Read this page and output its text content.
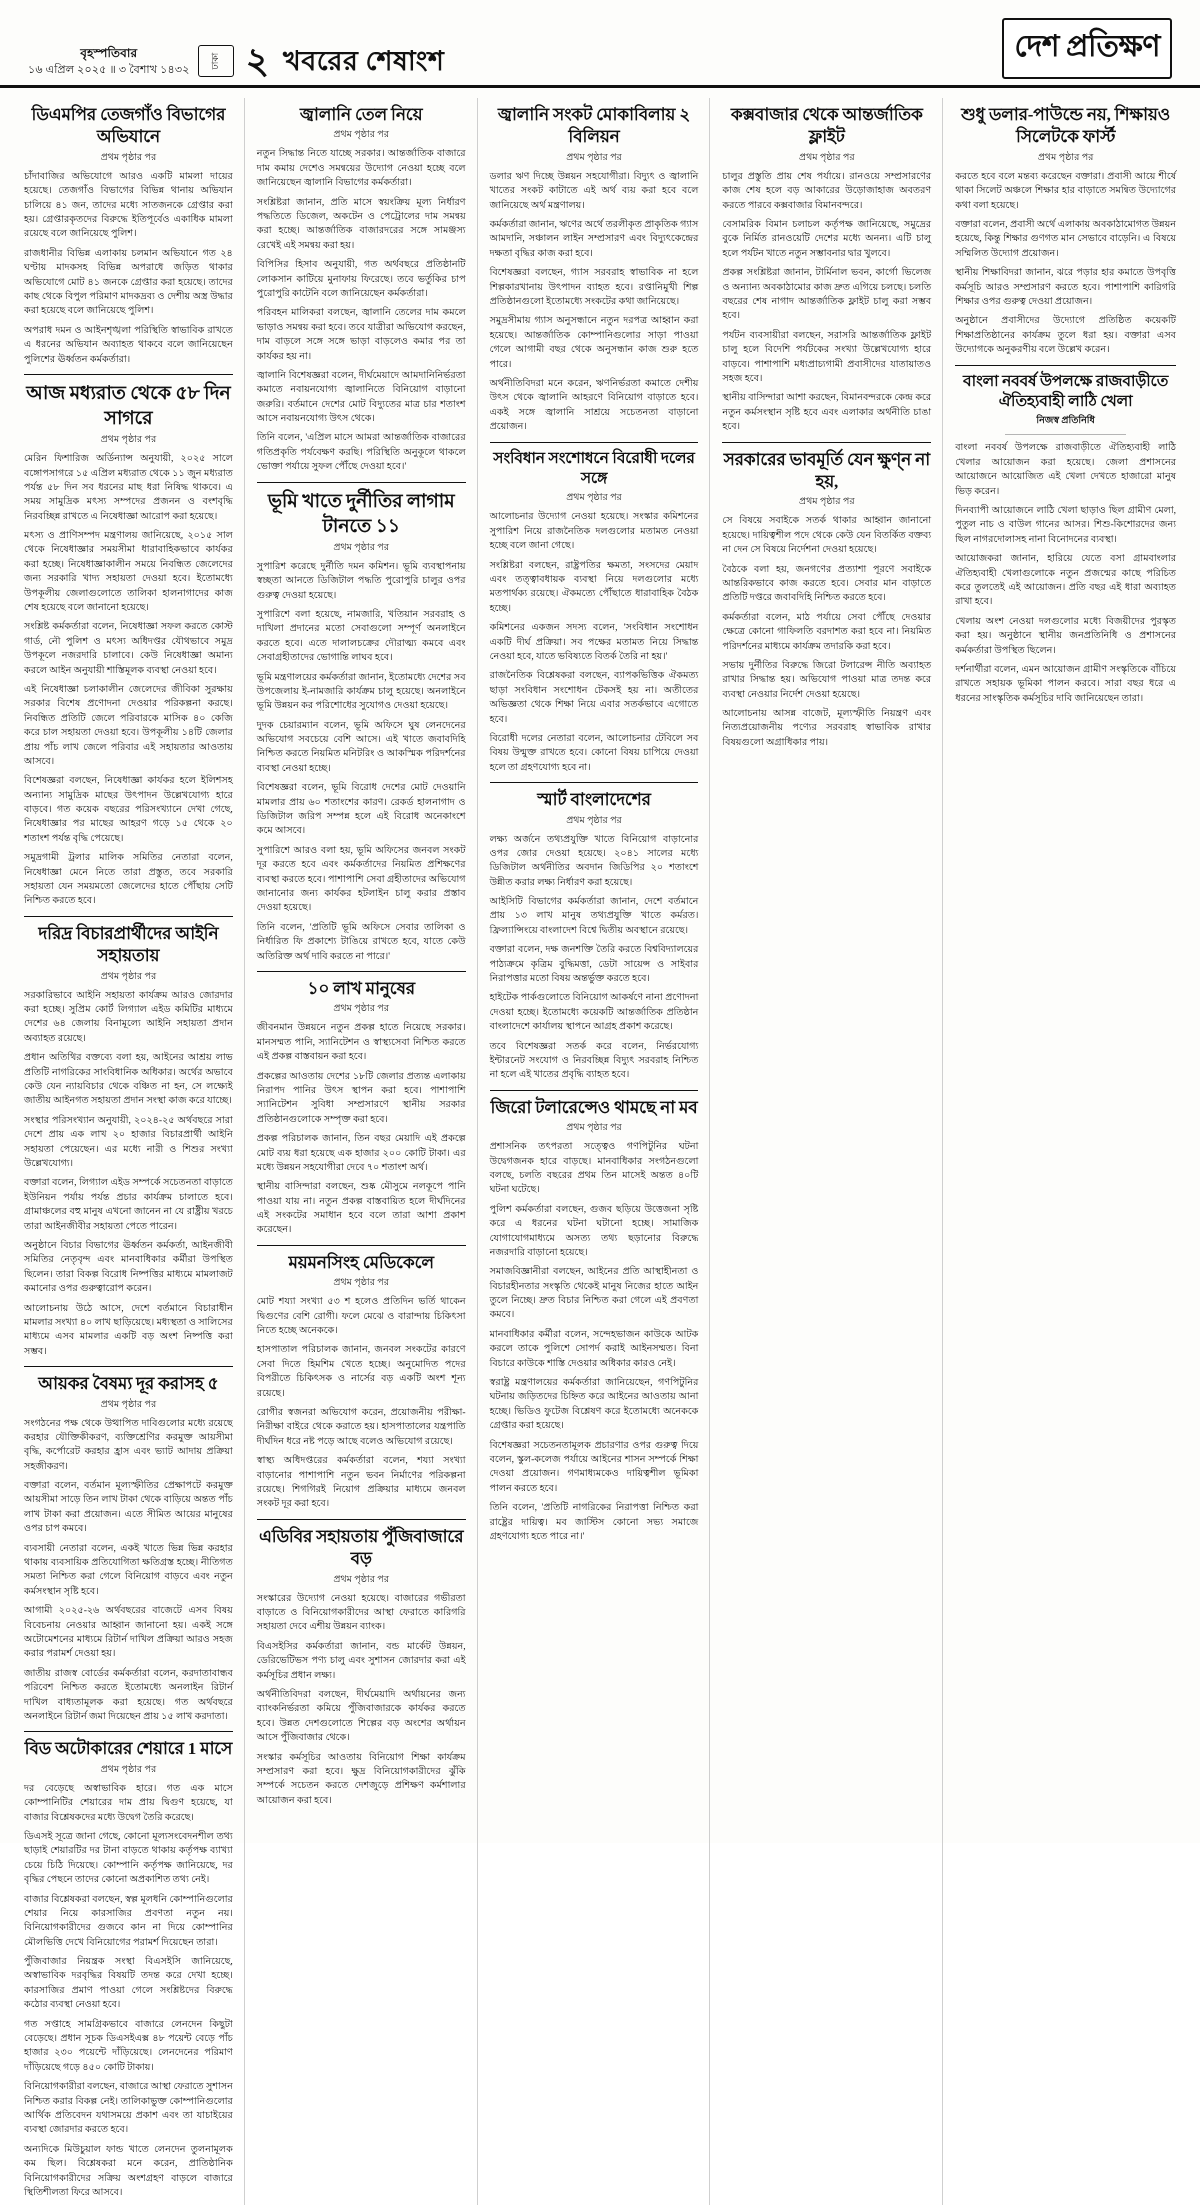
বৃহস্পতিবার
১৬ এপ্রিল ২০২৫ ॥ ৩ বৈশাখ ১৪৩২
ঢাকা ২ খবরের শেষাংশ	দেশ প্রতিক্ষণ
ডিএমপির তেজগাঁও বিভাগের অভিযানে
প্রথম পৃষ্ঠার পর

চাঁদাবাজির অভিযোগে আরও একটি মামলা দায়ের হয়েছে। তেজগাঁও বিভাগের বিভিন্ন থানায় অভিযান চালিয়ে ৪১ জন, তাদের মধ্যে সাতজনকে গ্রেপ্তার করা হয়। গ্রেপ্তারকৃতদের বিরুদ্ধে ইতিপূর্বেও একাধিক মামলা রয়েছে বলে জানিয়েছে পুলিশ।

রাজধানীর বিভিন্ন এলাকায় চলমান অভিযানে গত ২৪ ঘণ্টায় মাদকসহ বিভিন্ন অপরাধে জড়িত থাকার অভিযোগে মোট ৪১ জনকে গ্রেপ্তার করা হয়েছে। তাদের কাছ থেকে বিপুল পরিমাণ মাদকদ্রব্য ও দেশীয় অস্ত্র উদ্ধার করা হয়েছে বলে জানিয়েছে পুলিশ।

অপরাধ দমন ও আইনশৃঙ্খলা পরিস্থিতি স্বাভাবিক রাখতে এ ধরনের অভিযান অব্যাহত থাকবে বলে জানিয়েছেন পুলিশের ঊর্ধ্বতন কর্মকর্তারা।

আজ মধ্যরাত থেকে ৫৮ দিন সাগরে
প্রথম পৃষ্ঠার পর

মেরিন ফিশারিজ অর্ডিন্যান্স অনুযায়ী, ২০২৫ সালে বঙ্গোপসাগরে ১৫ এপ্রিল মধ্যরাত থেকে ১১ জুন মধ্যরাত পর্যন্ত ৫৮ দিন সব ধরনের মাছ ধরা নিষিদ্ধ থাকবে। এ সময় সামুদ্রিক মৎস্য সম্পদের প্রজনন ও বংশবৃদ্ধি নিরবচ্ছিন্ন রাখতে এ নিষেধাজ্ঞা আরোপ করা হয়েছে।

মৎস্য ও প্রাণিসম্পদ মন্ত্রণালয় জানিয়েছে, ২০১৫ সাল থেকে নিষেধাজ্ঞার সময়সীমা ধারাবাহিকভাবে কার্যকর করা হচ্ছে। নিষেধাজ্ঞাকালীন সময়ে নিবন্ধিত জেলেদের জন্য সরকারি খাদ্য সহায়তা দেওয়া হবে। ইতোমধ্যে উপকূলীয় জেলাগুলোতে তালিকা হালনাগাদের কাজ শেষ হয়েছে বলে জানানো হয়েছে।

সংশ্লিষ্ট কর্মকর্তারা বলেন, নিষেধাজ্ঞা সফল করতে কোস্ট গার্ড, নৌ পুলিশ ও মৎস্য অধিদপ্তর যৌথভাবে সমুদ্র উপকূলে নজরদারি চালাবে। কেউ নিষেধাজ্ঞা অমান্য করলে আইন অনুযায়ী শাস্তিমূলক ব্যবস্থা নেওয়া হবে।

এই নিষেধাজ্ঞা চলাকালীন জেলেদের জীবিকা সুরক্ষায় সরকার বিশেষ প্রণোদনা দেওয়ার পরিকল্পনা করছে। নিবন্ধিত প্রতিটি জেলে পরিবারকে মাসিক ৪০ কেজি করে চাল সহায়তা দেওয়া হবে। উপকূলীয় ১৪টি জেলার প্রায় পাঁচ লাখ জেলে পরিবার এই সহায়তার আওতায় আসবে।

বিশেষজ্ঞরা বলছেন, নিষেধাজ্ঞা কার্যকর হলে ইলিশসহ অন্যান্য সামুদ্রিক মাছের উৎপাদন উল্লেখযোগ্য হারে বাড়বে। গত কয়েক বছরের পরিসংখ্যানে দেখা গেছে, নিষেধাজ্ঞার পর মাছের আহরণ গড়ে ১৫ থেকে ২০ শতাংশ পর্যন্ত বৃদ্ধি পেয়েছে।

সমুদ্রগামী ট্রলার মালিক সমিতির নেতারা বলেন, নিষেধাজ্ঞা মেনে নিতে তারা প্রস্তুত, তবে সরকারি সহায়তা যেন সময়মতো জেলেদের হাতে পৌঁছায় সেটি নিশ্চিত করতে হবে।

দরিদ্র বিচারপ্রার্থীদের আইনি সহায়তায়
প্রথম পৃষ্ঠার পর

সরকারিভাবে আইনি সহায়তা কার্যক্রম আরও জোরদার করা হচ্ছে। সুপ্রিম কোর্ট লিগ্যাল এইড কমিটির মাধ্যমে দেশের ৬৪ জেলায় বিনামূল্যে আইনি সহায়তা প্রদান অব্যাহত রয়েছে।

প্রধান অতিথির বক্তব্যে বলা হয়, আইনের আশ্রয় লাভ প্রতিটি নাগরিকের সাংবিধানিক অধিকার। অর্থের অভাবে কেউ যেন ন্যায়বিচার থেকে বঞ্চিত না হন, সে লক্ষ্যেই জাতীয় আইনগত সহায়তা প্রদান সংস্থা কাজ করে যাচ্ছে।

সংস্থার পরিসংখ্যান অনুযায়ী, ২০২৪-২৫ অর্থবছরে সারা দেশে প্রায় এক লাখ ২০ হাজার বিচারপ্রার্থী আইনি সহায়তা পেয়েছেন। এর মধ্যে নারী ও শিশুর সংখ্যা উল্লেখযোগ্য।

বক্তারা বলেন, লিগ্যাল এইড সম্পর্কে সচেতনতা বাড়াতে ইউনিয়ন পর্যায় পর্যন্ত প্রচার কার্যক্রম চালাতে হবে। গ্রামাঞ্চলের বহু মানুষ এখনো জানেন না যে রাষ্ট্রীয় খরচে তারা আইনজীবীর সহায়তা পেতে পারেন।

অনুষ্ঠানে বিচার বিভাগের ঊর্ধ্বতন কর্মকর্তা, আইনজীবী সমিতির নেতৃবৃন্দ এবং মানবাধিকার কর্মীরা উপস্থিত ছিলেন। তারা বিকল্প বিরোধ নিষ্পত্তির মাধ্যমে মামলাজট কমানোর ওপর গুরুত্বারোপ করেন।

আলোচনায় উঠে আসে, দেশে বর্তমানে বিচারাধীন মামলার সংখ্যা ৪০ লাখ ছাড়িয়েছে। মধ্যস্থতা ও সালিসের মাধ্যমে এসব মামলার একটি বড় অংশ নিষ্পত্তি করা সম্ভব।

আয়কর বৈষম্য দূর করাসহ ৫
প্রথম পৃষ্ঠার পর

সংগঠনের পক্ষ থেকে উত্থাপিত দাবিগুলোর মধ্যে রয়েছে করহার যৌক্তিকীকরণ, ব্যক্তিশ্রেণির করমুক্ত আয়সীমা বৃদ্ধি, কর্পোরেট করহার হ্রাস এবং ভ্যাট আদায় প্রক্রিয়া সহজীকরণ।

বক্তারা বলেন, বর্তমান মূল্যস্ফীতির প্রেক্ষাপটে করমুক্ত আয়সীমা সাড়ে তিন লাখ টাকা থেকে বাড়িয়ে অন্তত পাঁচ লাখ টাকা করা প্রয়োজন। এতে সীমিত আয়ের মানুষের ওপর চাপ কমবে।

ব্যবসায়ী নেতারা বলেন, একই খাতে ভিন্ন ভিন্ন করহার থাকায় ব্যবসায়িক প্রতিযোগিতা ক্ষতিগ্রস্ত হচ্ছে। নীতিগত সমতা নিশ্চিত করা গেলে বিনিয়োগ বাড়বে এবং নতুন কর্মসংস্থান সৃষ্টি হবে।

আগামী ২০২৫-২৬ অর্থবছরের বাজেটে এসব বিষয় বিবেচনায় নেওয়ার আহ্বান জানানো হয়। একই সঙ্গে অটোমেশনের মাধ্যমে রিটার্ন দাখিল প্রক্রিয়া আরও সহজ করার পরামর্শ দেওয়া হয়।

জাতীয় রাজস্ব বোর্ডের কর্মকর্তারা বলেন, করদাতাবান্ধব পরিবেশ নিশ্চিত করতে ইতোমধ্যে অনলাইন রিটার্ন দাখিল বাধ্যতামূলক করা হয়েছে। গত অর্থবছরে অনলাইনে রিটার্ন জমা দিয়েছেন প্রায় ১৫ লাখ করদাতা।

বিড অটোকারের শেয়ারে 1 মাসে
প্রথম পৃষ্ঠার পর

দর বেড়েছে অস্বাভাবিক হারে। গত এক মাসে কোম্পানিটির শেয়ারের দাম প্রায় দ্বিগুণ হয়েছে, যা বাজার বিশ্লেষকদের মধ্যে উদ্বেগ তৈরি করেছে।

ডিএসই সূত্রে জানা গেছে, কোনো মূল্যসংবেদনশীল তথ্য ছাড়াই শেয়ারটির দর টানা বাড়তে থাকায় কর্তৃপক্ষ ব্যাখ্যা চেয়ে চিঠি দিয়েছে। কোম্পানি কর্তৃপক্ষ জানিয়েছে, দর বৃদ্ধির পেছনে তাদের কোনো অপ্রকাশিত তথ্য নেই।

বাজার বিশ্লেষকরা বলছেন, স্বল্প মূলধনি কোম্পানিগুলোর শেয়ার নিয়ে কারসাজির প্রবণতা নতুন নয়। বিনিয়োগকারীদের গুজবে কান না দিয়ে কোম্পানির মৌলভিত্তি দেখে বিনিয়োগের পরামর্শ দিয়েছেন তারা।

পুঁজিবাজার নিয়ন্ত্রক সংস্থা বিএসইসি জানিয়েছে, অস্বাভাবিক দরবৃদ্ধির বিষয়টি তদন্ত করে দেখা হচ্ছে। কারসাজির প্রমাণ পাওয়া গেলে সংশ্লিষ্টদের বিরুদ্ধে কঠোর ব্যবস্থা নেওয়া হবে।

গত সপ্তাহে সামগ্রিকভাবে বাজারে লেনদেন কিছুটা বেড়েছে। প্রধান সূচক ডিএসইএক্স ৪৮ পয়েন্ট বেড়ে পাঁচ হাজার ২৩০ পয়েন্টে দাঁড়িয়েছে। লেনদেনের পরিমাণ দাঁড়িয়েছে গড়ে ৪৫০ কোটি টাকায়।

বিনিয়োগকারীরা বলছেন, বাজারে আস্থা ফেরাতে সুশাসন নিশ্চিত করার বিকল্প নেই। তালিকাভুক্ত কোম্পানিগুলোর আর্থিক প্রতিবেদন যথাসময়ে প্রকাশ এবং তা যাচাইয়ের ব্যবস্থা জোরদার করতে হবে।

অন্যদিকে মিউচুয়াল ফান্ড খাতে লেনদেন তুলনামূলক কম ছিল। বিশ্লেষকরা মনে করেন, প্রাতিষ্ঠানিক বিনিয়োগকারীদের সক্রিয় অংশগ্রহণ বাড়লে বাজারে স্থিতিশীলতা ফিরে আসবে।

জ্বালানি তেল নিয়ে
প্রথম পৃষ্ঠার পর

নতুন সিদ্ধান্ত নিতে যাচ্ছে সরকার। আন্তর্জাতিক বাজারে দাম কমায় দেশেও সমন্বয়ের উদ্যোগ নেওয়া হচ্ছে বলে জানিয়েছেন জ্বালানি বিভাগের কর্মকর্তারা।

সংশ্লিষ্টরা জানান, প্রতি মাসে স্বয়ংক্রিয় মূল্য নির্ধারণ পদ্ধতিতে ডিজেল, অকটেন ও পেট্রোলের দাম সমন্বয় করা হচ্ছে। আন্তর্জাতিক বাজারদরের সঙ্গে সামঞ্জস্য রেখেই এই সমন্বয় করা হয়।

বিপিসির হিসাব অনুযায়ী, গত অর্থবছরে প্রতিষ্ঠানটি লোকসান কাটিয়ে মুনাফায় ফিরেছে। তবে ভর্তুকির চাপ পুরোপুরি কাটেনি বলে জানিয়েছেন কর্মকর্তারা।

পরিবহন মালিকরা বলছেন, জ্বালানি তেলের দাম কমলে ভাড়াও সমন্বয় করা হবে। তবে যাত্রীরা অভিযোগ করছেন, দাম বাড়লে সঙ্গে সঙ্গে ভাড়া বাড়লেও কমার পর তা কার্যকর হয় না।

জ্বালানি বিশেষজ্ঞরা বলেন, দীর্ঘমেয়াদে আমদানিনির্ভরতা কমাতে নবায়নযোগ্য জ্বালানিতে বিনিয়োগ বাড়ানো জরুরি। বর্তমানে দেশের মোট বিদ্যুতের মাত্র চার শতাংশ আসে নবায়নযোগ্য উৎস থেকে।

তিনি বলেন, 'এপ্রিল মাসে আমরা আন্তর্জাতিক বাজারের গতিপ্রকৃতি পর্যবেক্ষণ করছি। পরিস্থিতি অনুকূলে থাকলে ভোক্তা পর্যায়ে সুফল পৌঁছে দেওয়া হবে।'

ভূমি খাতে দুর্নীতির লাগাম টানতে ১১
প্রথম পৃষ্ঠার পর

সুপারিশ করেছে দুর্নীতি দমন কমিশন। ভূমি ব্যবস্থাপনায় স্বচ্ছতা আনতে ডিজিটাল পদ্ধতি পুরোপুরি চালুর ওপর গুরুত্ব দেওয়া হয়েছে।

সুপারিশে বলা হয়েছে, নামজারি, খতিয়ান সরবরাহ ও দাখিলা প্রদানের মতো সেবাগুলো সম্পূর্ণ অনলাইনে করতে হবে। এতে দালালচক্রের দৌরাত্ম্য কমবে এবং সেবাগ্রহীতাদের ভোগান্তি লাঘব হবে।

ভূমি মন্ত্রণালয়ের কর্মকর্তারা জানান, ইতোমধ্যে দেশের সব উপজেলায় ই-নামজারি কার্যক্রম চালু হয়েছে। অনলাইনে ভূমি উন্নয়ন কর পরিশোধের সুযোগও দেওয়া হয়েছে।

দুদক চেয়ারম্যান বলেন, ভূমি অফিসে ঘুষ লেনদেনের অভিযোগ সবচেয়ে বেশি আসে। এই খাতে জবাবদিহি নিশ্চিত করতে নিয়মিত মনিটরিং ও আকস্মিক পরিদর্শনের ব্যবস্থা নেওয়া হচ্ছে।

বিশেষজ্ঞরা বলেন, ভূমি বিরোধ দেশের মোট দেওয়ানি মামলার প্রায় ৬০ শতাংশের কারণ। রেকর্ড হালনাগাদ ও ডিজিটাল জরিপ সম্পন্ন হলে এই বিরোধ অনেকাংশে কমে আসবে।

সুপারিশে আরও বলা হয়, ভূমি অফিসের জনবল সংকট দূর করতে হবে এবং কর্মকর্তাদের নিয়মিত প্রশিক্ষণের ব্যবস্থা করতে হবে। পাশাপাশি সেবা গ্রহীতাদের অভিযোগ জানানোর জন্য কার্যকর হটলাইন চালু করার প্রস্তাব দেওয়া হয়েছে।

তিনি বলেন, 'প্রতিটি ভূমি অফিসে সেবার তালিকা ও নির্ধারিত ফি প্রকাশ্যে টাঙিয়ে রাখতে হবে, যাতে কেউ অতিরিক্ত অর্থ দাবি করতে না পারে।'

১০ লাখ মানুষের
প্রথম পৃষ্ঠার পর

জীবনমান উন্নয়নে নতুন প্রকল্প হাতে নিয়েছে সরকার। মানসম্মত পানি, স্যানিটেশন ও স্বাস্থ্যসেবা নিশ্চিত করতে এই প্রকল্প বাস্তবায়ন করা হবে।

প্রকল্পের আওতায় দেশের ১৮টি জেলার প্রত্যন্ত এলাকায় নিরাপদ পানির উৎস স্থাপন করা হবে। পাশাপাশি স্যানিটেশন সুবিধা সম্প্রসারণে স্থানীয় সরকার প্রতিষ্ঠানগুলোকে সম্পৃক্ত করা হবে।

প্রকল্প পরিচালক জানান, তিন বছর মেয়াদি এই প্রকল্পে মোট ব্যয় ধরা হয়েছে এক হাজার ২০০ কোটি টাকা। এর মধ্যে উন্নয়ন সহযোগীরা দেবে ৭০ শতাংশ অর্থ।

স্থানীয় বাসিন্দারা বলছেন, শুষ্ক মৌসুমে নলকূপে পানি পাওয়া যায় না। নতুন প্রকল্প বাস্তবায়িত হলে দীর্ঘদিনের এই সংকটের সমাধান হবে বলে তারা আশা প্রকাশ করেছেন।

ময়মনসিংহ মেডিকেলে
প্রথম পৃষ্ঠার পর

মোট শয্যা সংখ্যা ৫৩ শ হলেও প্রতিদিন ভর্তি থাকেন দ্বিগুণের বেশি রোগী। ফলে মেঝে ও বারান্দায় চিকিৎসা নিতে হচ্ছে অনেককে।

হাসপাতাল পরিচালক জানান, জনবল সংকটের কারণে সেবা দিতে হিমশিম খেতে হচ্ছে। অনুমোদিত পদের বিপরীতে চিকিৎসক ও নার্সের বড় একটি অংশ শূন্য রয়েছে।

রোগীর স্বজনরা অভিযোগ করেন, প্রয়োজনীয় পরীক্ষা-নিরীক্ষা বাইরে থেকে করাতে হয়। হাসপাতালের যন্ত্রপাতি দীর্ঘদিন ধরে নষ্ট পড়ে আছে বলেও অভিযোগ রয়েছে।

স্বাস্থ্য অধিদপ্তরের কর্মকর্তারা বলেন, শয্যা সংখ্যা বাড়ানোর পাশাপাশি নতুন ভবন নির্মাণের পরিকল্পনা রয়েছে। শিগগিরই নিয়োগ প্রক্রিয়ার মাধ্যমে জনবল সংকট দূর করা হবে।

এডিবির সহায়তায় পুঁজিবাজারে বড়
প্রথম পৃষ্ঠার পর

সংস্কারের উদ্যোগ নেওয়া হয়েছে। বাজারের গভীরতা বাড়াতে ও বিনিয়োগকারীদের আস্থা ফেরাতে কারিগরি সহায়তা দেবে এশীয় উন্নয়ন ব্যাংক।

বিএসইসির কর্মকর্তারা জানান, বন্ড মার্কেট উন্নয়ন, ডেরিভেটিভস পণ্য চালু এবং সুশাসন জোরদার করা এই কর্মসূচির প্রধান লক্ষ্য।

অর্থনীতিবিদরা বলছেন, দীর্ঘমেয়াদি অর্থায়নের জন্য ব্যাংকনির্ভরতা কমিয়ে পুঁজিবাজারকে কার্যকর করতে হবে। উন্নত দেশগুলোতে শিল্পের বড় অংশের অর্থায়ন আসে পুঁজিবাজার থেকে।

সংস্কার কর্মসূচির আওতায় বিনিয়োগ শিক্ষা কার্যক্রম সম্প্রসারণ করা হবে। ক্ষুদ্র বিনিয়োগকারীদের ঝুঁকি সম্পর্কে সচেতন করতে দেশজুড়ে প্রশিক্ষণ কর্মশালার আয়োজন করা হবে।

জ্বালানি সংকট মোকাবিলায় ২ বিলিয়ন
প্রথম পৃষ্ঠার পর

ডলার ঋণ দিচ্ছে উন্নয়ন সহযোগীরা। বিদ্যুৎ ও জ্বালানি খাতের সংকট কাটাতে এই অর্থ ব্যয় করা হবে বলে জানিয়েছে অর্থ মন্ত্রণালয়।

কর্মকর্তারা জানান, ঋণের অর্থে তরলীকৃত প্রাকৃতিক গ্যাস আমদানি, সঞ্চালন লাইন সম্প্রসারণ এবং বিদ্যুৎকেন্দ্রের দক্ষতা বৃদ্ধির কাজ করা হবে।

বিশেষজ্ঞরা বলছেন, গ্যাস সরবরাহ স্বাভাবিক না হলে শিল্পকারখানায় উৎপাদন ব্যাহত হবে। রপ্তানিমুখী শিল্প প্রতিষ্ঠানগুলো ইতোমধ্যে সংকটের কথা জানিয়েছে।

সমুদ্রসীমায় গ্যাস অনুসন্ধানে নতুন দরপত্র আহ্বান করা হয়েছে। আন্তর্জাতিক কোম্পানিগুলোর সাড়া পাওয়া গেলে আগামী বছর থেকে অনুসন্ধান কাজ শুরু হতে পারে।

অর্থনীতিবিদরা মনে করেন, ঋণনির্ভরতা কমাতে দেশীয় উৎস থেকে জ্বালানি আহরণে বিনিয়োগ বাড়াতে হবে। একই সঙ্গে জ্বালানি সাশ্রয়ে সচেতনতা বাড়ানো প্রয়োজন।

সংবিধান সংশোধনে বিরোধী দলের সঙ্গে
প্রথম পৃষ্ঠার পর

আলোচনার উদ্যোগ নেওয়া হয়েছে। সংস্কার কমিশনের সুপারিশ নিয়ে রাজনৈতিক দলগুলোর মতামত নেওয়া হচ্ছে বলে জানা গেছে।

সংশ্লিষ্টরা বলছেন, রাষ্ট্রপতির ক্ষমতা, সংসদের মেয়াদ এবং তত্ত্বাবধায়ক ব্যবস্থা নিয়ে দলগুলোর মধ্যে মতপার্থক্য রয়েছে। ঐকমত্যে পৌঁছাতে ধারাবাহিক বৈঠক হচ্ছে।

কমিশনের একজন সদস্য বলেন, 'সংবিধান সংশোধন একটি দীর্ঘ প্রক্রিয়া। সব পক্ষের মতামত নিয়ে সিদ্ধান্ত নেওয়া হবে, যাতে ভবিষ্যতে বিতর্ক তৈরি না হয়।'

রাজনৈতিক বিশ্লেষকরা বলছেন, ব্যাপকভিত্তিক ঐকমত্য ছাড়া সংবিধান সংশোধন টেকসই হয় না। অতীতের অভিজ্ঞতা থেকে শিক্ষা নিয়ে এবার সতর্কভাবে এগোতে হবে।

বিরোধী দলের নেতারা বলেন, আলোচনার টেবিলে সব বিষয় উন্মুক্ত রাখতে হবে। কোনো বিষয় চাপিয়ে দেওয়া হলে তা গ্রহণযোগ্য হবে না।

স্মার্ট বাংলাদেশের
প্রথম পৃষ্ঠার পর

লক্ষ্য অর্জনে তথ্যপ্রযুক্তি খাতে বিনিয়োগ বাড়ানোর ওপর জোর দেওয়া হয়েছে। ২০৪১ সালের মধ্যে ডিজিটাল অর্থনীতির অবদান জিডিপির ২০ শতাংশে উন্নীত করার লক্ষ্য নির্ধারণ করা হয়েছে।

আইসিটি বিভাগের কর্মকর্তারা জানান, দেশে বর্তমানে প্রায় ১৩ লাখ মানুষ তথ্যপ্রযুক্তি খাতে কর্মরত। ফ্রিল্যান্সিংয়ে বাংলাদেশ বিশ্বে দ্বিতীয় অবস্থানে রয়েছে।

বক্তারা বলেন, দক্ষ জনশক্তি তৈরি করতে বিশ্ববিদ্যালয়ের পাঠ্যক্রমে কৃত্রিম বুদ্ধিমত্তা, ডেটা সায়েন্স ও সাইবার নিরাপত্তার মতো বিষয় অন্তর্ভুক্ত করতে হবে।

হাইটেক পার্কগুলোতে বিনিয়োগ আকর্ষণে নানা প্রণোদনা দেওয়া হচ্ছে। ইতোমধ্যে কয়েকটি আন্তর্জাতিক প্রতিষ্ঠান বাংলাদেশে কার্যালয় স্থাপনে আগ্রহ প্রকাশ করেছে।

তবে বিশেষজ্ঞরা সতর্ক করে বলেন, নির্ভরযোগ্য ইন্টারনেট সংযোগ ও নিরবচ্ছিন্ন বিদ্যুৎ সরবরাহ নিশ্চিত না হলে এই খাতের প্রবৃদ্ধি ব্যাহত হবে।

জিরো টলারেন্সেও থামছে না মব
প্রথম পৃষ্ঠার পর

প্রশাসনিক তৎপরতা সত্ত্বেও গণপিটুনির ঘটনা উদ্বেগজনক হারে বাড়ছে। মানবাধিকার সংগঠনগুলো বলছে, চলতি বছরের প্রথম তিন মাসেই অন্তত ৪০টি ঘটনা ঘটেছে।

পুলিশ কর্মকর্তারা বলছেন, গুজব ছড়িয়ে উত্তেজনা সৃষ্টি করে এ ধরনের ঘটনা ঘটানো হচ্ছে। সামাজিক যোগাযোগমাধ্যমে অসত্য তথ্য ছড়ানোর বিরুদ্ধে নজরদারি বাড়ানো হয়েছে।

সমাজবিজ্ঞানীরা বলছেন, আইনের প্রতি আস্থাহীনতা ও বিচারহীনতার সংস্কৃতি থেকেই মানুষ নিজের হাতে আইন তুলে নিচ্ছে। দ্রুত বিচার নিশ্চিত করা গেলে এই প্রবণতা কমবে।

মানবাধিকার কর্মীরা বলেন, সন্দেহভাজন কাউকে আটক করলে তাকে পুলিশে সোপর্দ করাই আইনসম্মত। বিনা বিচারে কাউকে শাস্তি দেওয়ার অধিকার কারও নেই।

স্বরাষ্ট্র মন্ত্রণালয়ের কর্মকর্তারা জানিয়েছেন, গণপিটুনির ঘটনায় জড়িতদের চিহ্নিত করে আইনের আওতায় আনা হচ্ছে। ভিডিও ফুটেজ বিশ্লেষণ করে ইতোমধ্যে অনেককে গ্রেপ্তার করা হয়েছে।

বিশেষজ্ঞরা সচেতনতামূলক প্রচারণার ওপর গুরুত্ব দিয়ে বলেন, স্কুল-কলেজ পর্যায়ে আইনের শাসন সম্পর্কে শিক্ষা দেওয়া প্রয়োজন। গণমাধ্যমকেও দায়িত্বশীল ভূমিকা পালন করতে হবে।

তিনি বলেন, 'প্রতিটি নাগরিকের নিরাপত্তা নিশ্চিত করা রাষ্ট্রের দায়িত্ব। মব জাস্টিস কোনো সভ্য সমাজে গ্রহণযোগ্য হতে পারে না।'

কক্সবাজার থেকে আন্তর্জাতিক ফ্লাইট
প্রথম পৃষ্ঠার পর

চালুর প্রস্তুতি প্রায় শেষ পর্যায়ে। রানওয়ে সম্প্রসারণের কাজ শেষ হলে বড় আকারের উড়োজাহাজ অবতরণ করতে পারবে কক্সবাজার বিমানবন্দরে।

বেসামরিক বিমান চলাচল কর্তৃপক্ষ জানিয়েছে, সমুদ্রের বুকে নির্মিত রানওয়েটি দেশের মধ্যে অনন্য। এটি চালু হলে পর্যটন খাতে নতুন সম্ভাবনার দ্বার খুলবে।

প্রকল্প সংশ্লিষ্টরা জানান, টার্মিনাল ভবন, কার্গো ভিলেজ ও অন্যান্য অবকাঠামোর কাজ দ্রুত এগিয়ে চলছে। চলতি বছরের শেষ নাগাদ আন্তর্জাতিক ফ্লাইট চালু করা সম্ভব হবে।

পর্যটন ব্যবসায়ীরা বলছেন, সরাসরি আন্তর্জাতিক ফ্লাইট চালু হলে বিদেশি পর্যটকের সংখ্যা উল্লেখযোগ্য হারে বাড়বে। পাশাপাশি মধ্যপ্রাচ্যগামী প্রবাসীদের যাতায়াতও সহজ হবে।

স্থানীয় বাসিন্দারা আশা করছেন, বিমানবন্দরকে কেন্দ্র করে নতুন কর্মসংস্থান সৃষ্টি হবে এবং এলাকার অর্থনীতি চাঙা হবে।

সরকারের ভাবমূর্তি যেন ক্ষুণ্ন না হয়,
প্রথম পৃষ্ঠার পর

সে বিষয়ে সবাইকে সতর্ক থাকার আহ্বান জানানো হয়েছে। দায়িত্বশীল পদে থেকে কেউ যেন বিতর্কিত বক্তব্য না দেন সে বিষয়ে নির্দেশনা দেওয়া হয়েছে।

বৈঠকে বলা হয়, জনগণের প্রত্যাশা পূরণে সবাইকে আন্তরিকভাবে কাজ করতে হবে। সেবার মান বাড়াতে প্রতিটি দপ্তরে জবাবদিহি নিশ্চিত করতে হবে।

কর্মকর্তারা বলেন, মাঠ পর্যায়ে সেবা পৌঁছে দেওয়ার ক্ষেত্রে কোনো গাফিলতি বরদাশত করা হবে না। নিয়মিত পরিদর্শনের মাধ্যমে কার্যক্রম তদারকি করা হবে।

সভায় দুর্নীতির বিরুদ্ধে জিরো টলারেন্স নীতি অব্যাহত রাখার সিদ্ধান্ত হয়। অভিযোগ পাওয়া মাত্র তদন্ত করে ব্যবস্থা নেওয়ার নির্দেশ দেওয়া হয়েছে।

আলোচনায় আসন্ন বাজেট, মূল্যস্ফীতি নিয়ন্ত্রণ এবং নিত্যপ্রয়োজনীয় পণ্যের সরবরাহ স্বাভাবিক রাখার বিষয়গুলো অগ্রাধিকার পায়।

শুধু ডলার-পাউন্ডে নয়, শিক্ষায়ও সিলেটকে ফার্স্ট
প্রথম পৃষ্ঠার পর

করতে হবে বলে মন্তব্য করেছেন বক্তারা। প্রবাসী আয়ে শীর্ষে থাকা সিলেট অঞ্চলে শিক্ষার হার বাড়াতে সমন্বিত উদ্যোগের কথা বলা হয়েছে।

বক্তারা বলেন, প্রবাসী অর্থে এলাকায় অবকাঠামোগত উন্নয়ন হয়েছে, কিন্তু শিক্ষার গুণগত মান সেভাবে বাড়েনি। এ বিষয়ে সম্মিলিত উদ্যোগ প্রয়োজন।

স্থানীয় শিক্ষাবিদরা জানান, ঝরে পড়ার হার কমাতে উপবৃত্তি কর্মসূচি আরও সম্প্রসারণ করতে হবে। পাশাপাশি কারিগরি শিক্ষার ওপর গুরুত্ব দেওয়া প্রয়োজন।

অনুষ্ঠানে প্রবাসীদের উদ্যোগে প্রতিষ্ঠিত কয়েকটি শিক্ষাপ্রতিষ্ঠানের কার্যক্রম তুলে ধরা হয়। বক্তারা এসব উদ্যোগকে অনুকরণীয় বলে উল্লেখ করেন।

বাংলা নববর্ষ উপলক্ষে রাজবাড়ীতে ঐতিহ্যবাহী লাঠি খেলা
নিজস্ব প্রতিনিধি

বাংলা নববর্ষ উপলক্ষে রাজবাড়ীতে ঐতিহ্যবাহী লাঠি খেলার আয়োজন করা হয়েছে। জেলা প্রশাসনের আয়োজনে আয়োজিত এই খেলা দেখতে হাজারো মানুষ ভিড় করেন।

দিনব্যাপী আয়োজনে লাঠি খেলা ছাড়াও ছিল গ্রামীণ মেলা, পুতুল নাচ ও বাউল গানের আসর। শিশু-কিশোরদের জন্য ছিল নাগরদোলাসহ নানা বিনোদনের ব্যবস্থা।

আয়োজকরা জানান, হারিয়ে যেতে বসা গ্রামবাংলার ঐতিহ্যবাহী খেলাগুলোকে নতুন প্রজন্মের কাছে পরিচিত করে তুলতেই এই আয়োজন। প্রতি বছর এই ধারা অব্যাহত রাখা হবে।

খেলায় অংশ নেওয়া দলগুলোর মধ্যে বিজয়ীদের পুরস্কৃত করা হয়। অনুষ্ঠানে স্থানীয় জনপ্রতিনিধি ও প্রশাসনের কর্মকর্তারা উপস্থিত ছিলেন।

দর্শনার্থীরা বলেন, এমন আয়োজন গ্রামীণ সংস্কৃতিকে বাঁচিয়ে রাখতে সহায়ক ভূমিকা পালন করবে। সারা বছর ধরে এ ধরনের সাংস্কৃতিক কর্মসূচির দাবি জানিয়েছেন তারা।
